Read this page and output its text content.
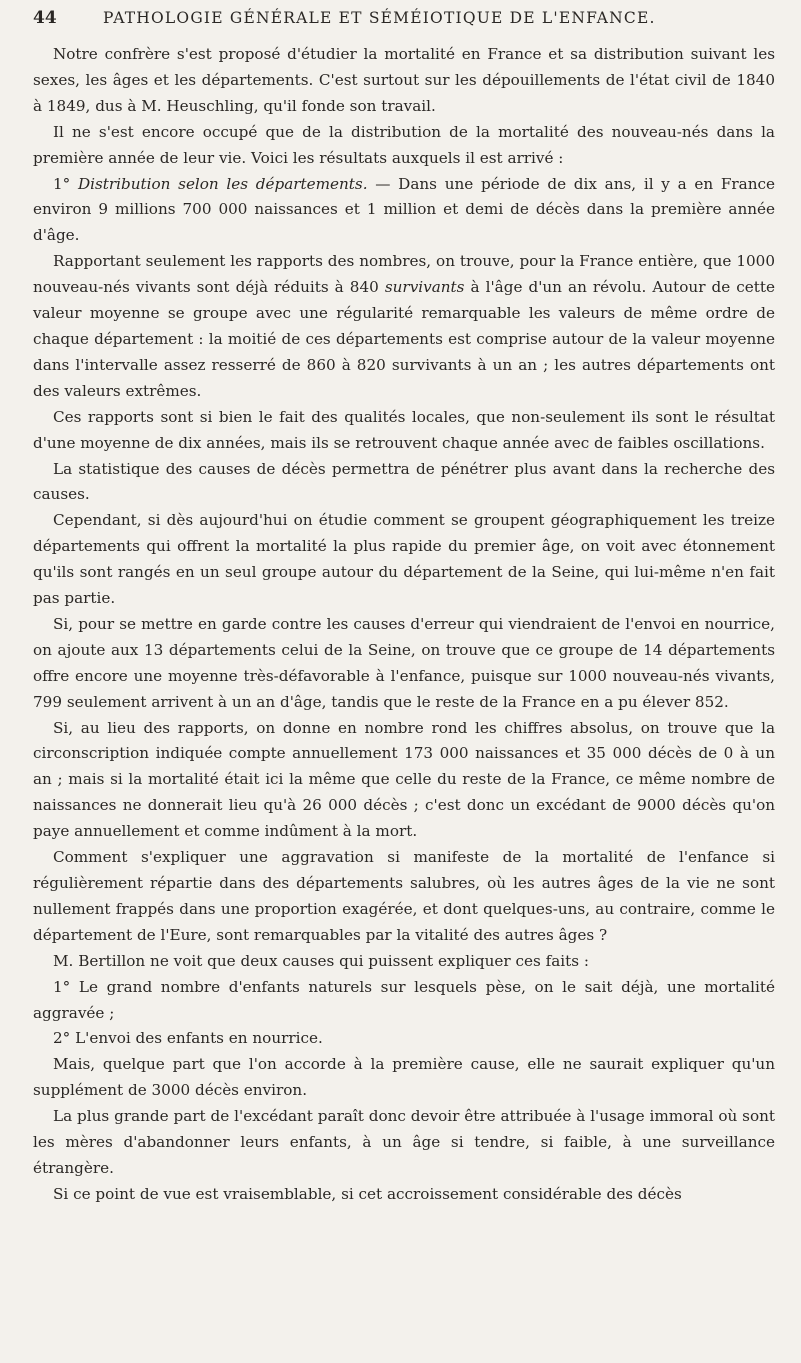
44	PATHOLOGIE GÉNÉRALE ET SÉMÉIOTIQUE DE L'ENFANCE.

Notre confrère s'est proposé d'étudier la mortalité en France et sa distribution suivant les sexes, les âges et les départements. C'est surtout sur les dépouillements de l'état civil de 1840 à 1849, dus à M. Heuschling, qu'il fonde son travail.

Il ne s'est encore occupé que de la distribution de la mortalité des nouveau-nés dans la première année de leur vie. Voici les résultats auxquels il est arrivé :

1° Distribution selon les départements. — Dans une période de dix ans, il y a en France environ 9 millions 700 000 naissances et 1 million et demi de décès dans la première année d'âge.

Rapportant seulement les rapports des nombres, on trouve, pour la France entière, que 1000 nouveau-nés vivants sont déjà réduits à 840 survivants à l'âge d'un an révolu. Autour de cette valeur moyenne se groupe avec une régularité remarquable les valeurs de même ordre de chaque département : la moitié de ces départements est comprise autour de la valeur moyenne dans l'intervalle assez resserré de 860 à 820 survivants à un an ; les autres départements ont des valeurs extrêmes.

Ces rapports sont si bien le fait des qualités locales, que non-seulement ils sont le résultat d'une moyenne de dix années, mais ils se retrouvent chaque année avec de faibles oscillations.

La statistique des causes de décès permettra de pénétrer plus avant dans la recherche des causes.

Cependant, si dès aujourd'hui on étudie comment se groupent géographiquement les treize départements qui offrent la mortalité la plus rapide du premier âge, on voit avec étonnement qu'ils sont rangés en un seul groupe autour du département de la Seine, qui lui-même n'en fait pas partie.

Si, pour se mettre en garde contre les causes d'erreur qui viendraient de l'envoi en nourrice, on ajoute aux 13 départements celui de la Seine, on trouve que ce groupe de 14 départements offre encore une moyenne très-défavorable à l'enfance, puisque sur 1000 nouveau-nés vivants, 799 seulement arrivent à un an d'âge, tandis que le reste de la France en a pu élever 852.

Si, au lieu des rapports, on donne en nombre rond les chiffres absolus, on trouve que la circonscription indiquée compte annuellement 173 000 naissances et 35 000 décès de 0 à un an ; mais si la mortalité était ici la même que celle du reste de la France, ce même nombre de naissances ne donnerait lieu qu'à 26 000 décès ; c'est donc un excédant de 9000 décès qu'on paye annuellement et comme indûment à la mort.

Comment s'expliquer une aggravation si manifeste de la mortalité de l'enfance si régulièrement répartie dans des départements salubres, où les autres âges de la vie ne sont nullement frappés dans une proportion exagérée, et dont quelques-uns, au contraire, comme le département de l'Eure, sont remarquables par la vitalité des autres âges ?

M. Bertillon ne voit que deux causes qui puissent expliquer ces faits :

1° Le grand nombre d'enfants naturels sur lesquels pèse, on le sait déjà, une mortalité aggravée ;

2° L'envoi des enfants en nourrice.

Mais, quelque part que l'on accorde à la première cause, elle ne saurait expliquer qu'un supplément de 3000 décès environ.

La plus grande part de l'excédant paraît donc devoir être attribuée à l'usage immoral où sont les mères d'abandonner leurs enfants, à un âge si tendre, si faible, à une surveillance étrangère.

Si ce point de vue est vraisemblable, si cet accroissement considérable des décès
